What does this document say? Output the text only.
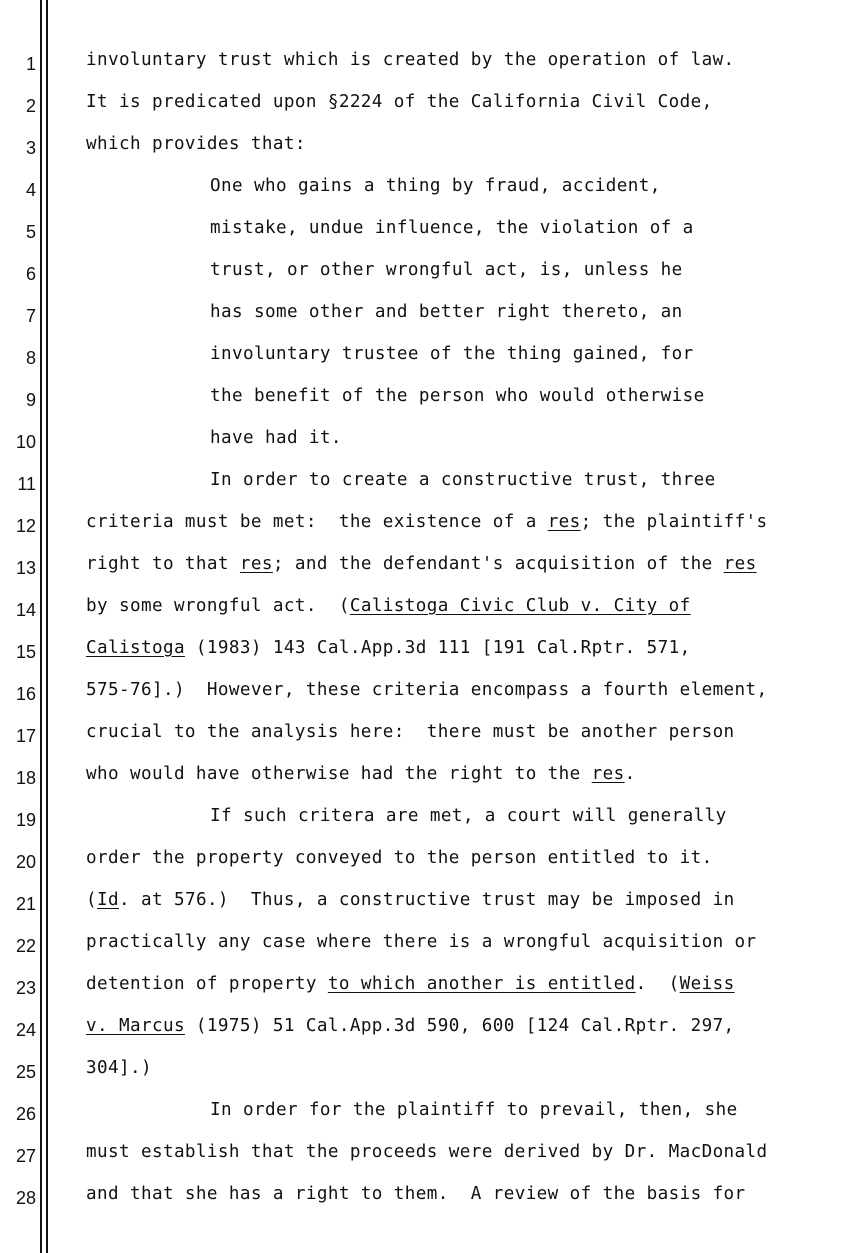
1
2
3
4
5
6
7
8
9
10
11
12
13
14
15
16
17
18
19
20
21
22
23
24
25
26
27
28
involuntary trust which is created by the operation of law.
It is predicated upon §2224 of the California Civil Code,
which provides that:
One who gains a thing by fraud, accident,
mistake, undue influence, the violation of a
trust, or other wrongful act, is, unless he
has some other and better right thereto, an
involuntary trustee of the thing gained, for
the benefit of the person who would otherwise
have had it.
In order to create a constructive trust, three
criteria must be met:  the existence of a res; the plaintiff's
right to that res; and the defendant's acquisition of the res
by some wrongful act.  (Calistoga Civic Club v. City of
Calistoga (1983) 143 Cal.App.3d 111 [191 Cal.Rptr. 571,
575-76].)  However, these criteria encompass a fourth element,
crucial to the analysis here:  there must be another person
who would have otherwise had the right to the res.
If such critera are met, a court will generally
order the property conveyed to the person entitled to it.
(Id. at 576.)  Thus, a constructive trust may be imposed in
practically any case where there is a wrongful acquisition or
detention of property to which another is entitled.  (Weiss
v. Marcus (1975) 51 Cal.App.3d 590, 600 [124 Cal.Rptr. 297,
304].)
In order for the plaintiff to prevail, then, she
must establish that the proceeds were derived by Dr. MacDonald
and that she has a right to them.  A review of the basis for
